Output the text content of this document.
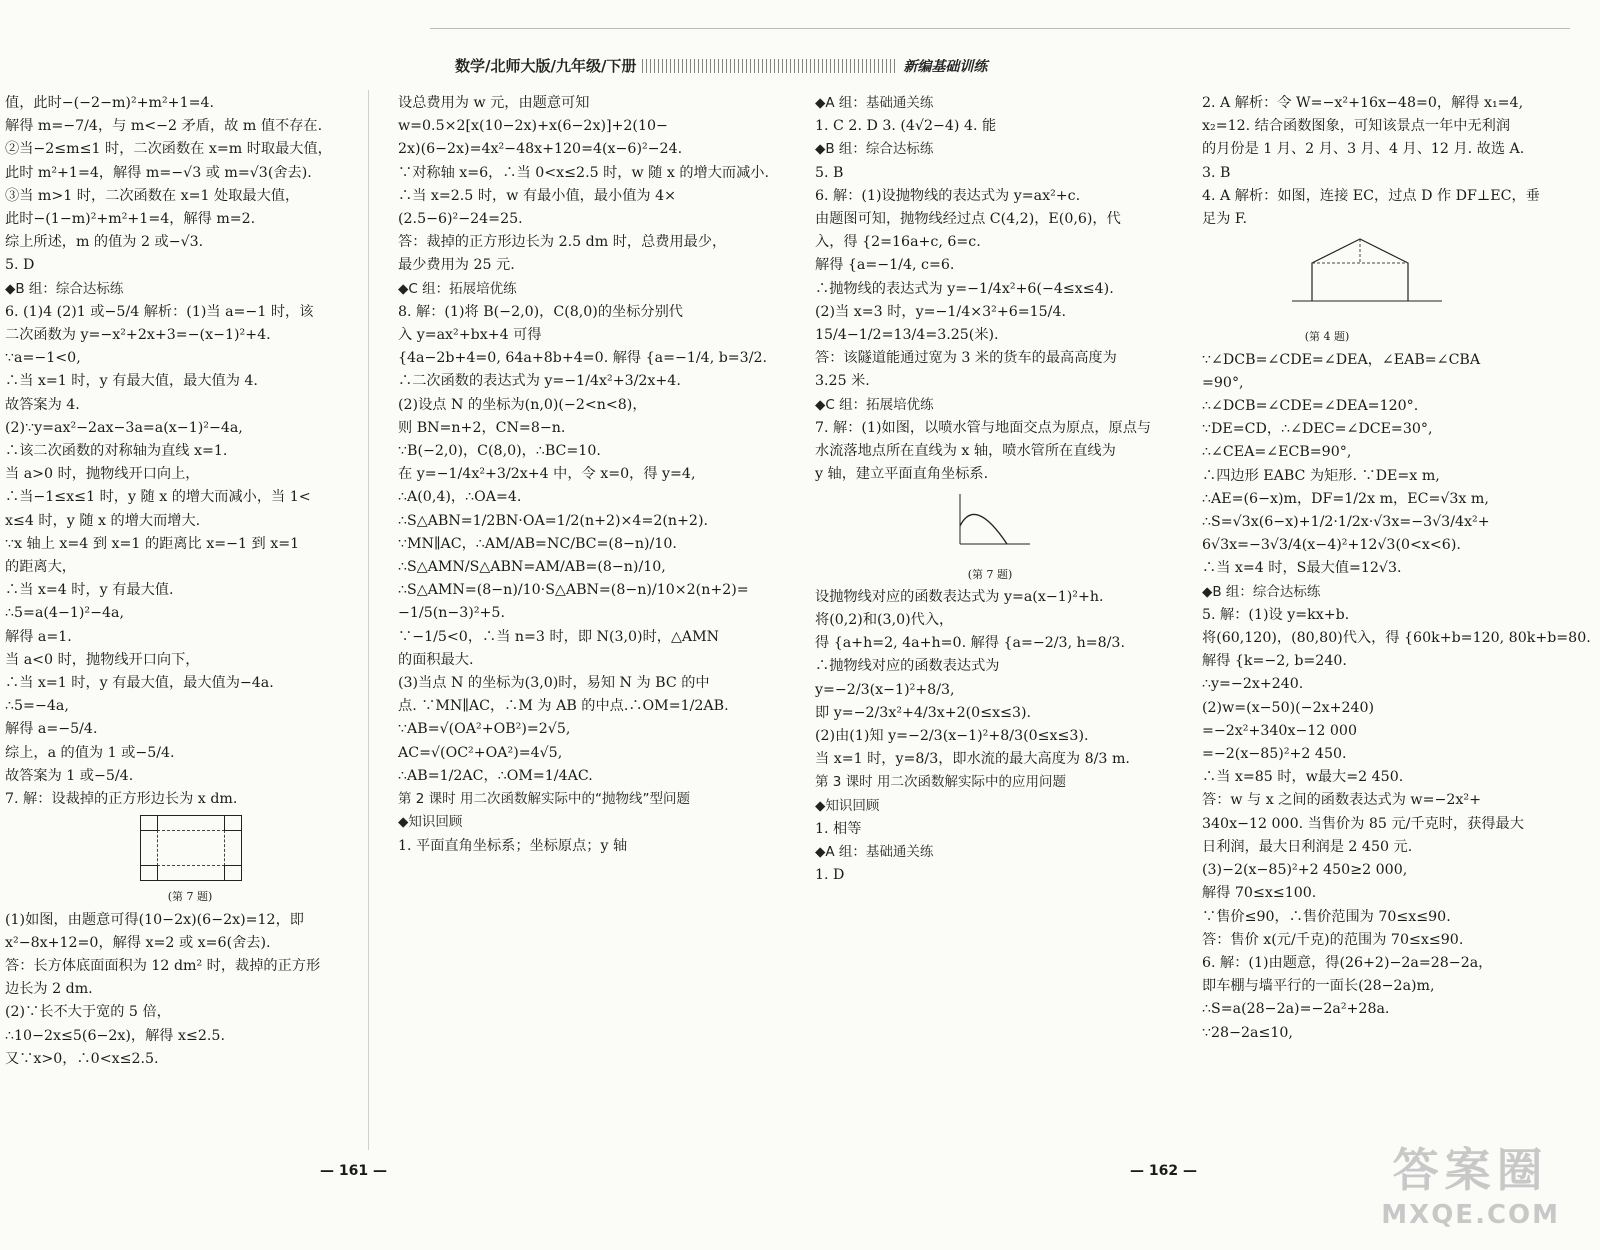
数学/北师大版/九年级/下册	新编基础训练

值，此时−(−2−m)²+m²+1=4.

解得 m=−7/4，与 m<−2 矛盾，故 m 值不存在.

②当−2≤m≤1 时，二次函数在 x=m 时取最大值，

此时 m²+1=4，解得 m=−√3 或 m=√3(舍去).

③当 m>1 时，二次函数在 x=1 处取最大值，

此时−(1−m)²+m²+1=4，解得 m=2.

综上所述，m 的值为 2 或−√3.

5. D

◆B 组：综合达标练

6. (1)4 (2)1 或−5/4 解析：(1)当 a=−1 时，该

二次函数为 y=−x²+2x+3=−(x−1)²+4.

∵a=−1<0,

∴当 x=1 时，y 有最大值，最大值为 4.

故答案为 4.

(2)∵y=ax²−2ax−3a=a(x−1)²−4a,

∴该二次函数的对称轴为直线 x=1.

当 a>0 时，抛物线开口向上，

∴当−1≤x≤1 时，y 随 x 的增大而减小，当 1<

x≤4 时，y 随 x 的增大而增大.

∵x 轴上 x=4 到 x=1 的距离比 x=−1 到 x=1

的距离大，

∴当 x=4 时，y 有最大值.

∴5=a(4−1)²−4a,

解得 a=1.

当 a<0 时，抛物线开口向下，

∴当 x=1 时，y 有最大值，最大值为−4a.

∴5=−4a,

解得 a=−5/4.

综上，a 的值为 1 或−5/4.

故答案为 1 或−5/4.

7. 解：设裁掉的正方形边长为 x dm.

(第 7 题)

(1)如图，由题意可得(10−2x)(6−2x)=12，即

x²−8x+12=0，解得 x=2 或 x=6(舍去).

答：长方体底面面积为 12 dm² 时，裁掉的正方形

边长为 2 dm.

(2)∵长不大于宽的 5 倍，

∴10−2x≤5(6−2x)，解得 x≤2.5.

又∵x>0，∴0<x≤2.5.

设总费用为 w 元，由题意可知

w=0.5×2[x(10−2x)+x(6−2x)]+2(10−

2x)(6−2x)=4x²−48x+120=4(x−6)²−24.

∵对称轴 x=6，∴当 0<x≤2.5 时，w 随 x 的增大而减小.

∴当 x=2.5 时，w 有最小值，最小值为 4×

(2.5−6)²−24=25.

答：裁掉的正方形边长为 2.5 dm 时，总费用最少，

最少费用为 25 元.

◆C 组：拓展培优练

8. 解：(1)将 B(−2,0)，C(8,0)的坐标分别代

入 y=ax²+bx+4 可得

{4a−2b+4=0, 64a+8b+4=0. 解得 {a=−1/4, b=3/2.

∴二次函数的表达式为 y=−1/4x²+3/2x+4.

(2)设点 N 的坐标为(n,0)(−2<n<8)，

则 BN=n+2，CN=8−n.

∵B(−2,0)，C(8,0)，∴BC=10.

在 y=−1/4x²+3/2x+4 中，令 x=0，得 y=4,

∴A(0,4)，∴OA=4.

∴S△ABN=1/2BN·OA=1/2(n+2)×4=2(n+2).

∵MN∥AC，∴AM/AB=NC/BC=(8−n)/10.

∴S△AMN/S△ABN=AM/AB=(8−n)/10,

∴S△AMN=(8−n)/10·S△ABN=(8−n)/10×2(n+2)=

−1/5(n−3)²+5.

∵−1/5<0，∴当 n=3 时，即 N(3,0)时，△AMN

的面积最大.

(3)当点 N 的坐标为(3,0)时，易知 N 为 BC 的中

点. ∵MN∥AC，∴M 为 AB 的中点.∴OM=1/2AB.

∵AB=√(OA²+OB²)=2√5,

AC=√(OC²+OA²)=4√5,

∴AB=1/2AC，∴OM=1/4AC.

第 2 课时 用二次函数解实际中的“抛物线”型问题

◆知识回顾

1. 平面直角坐标系；坐标原点；y 轴

◆A 组：基础通关练

1. C 2. D 3. (4√2−4) 4. 能

◆B 组：综合达标练

5. B

6. 解：(1)设抛物线的表达式为 y=ax²+c.

由题图可知，抛物线经过点 C(4,2)，E(0,6)，代

入，得 {2=16a+c, 6=c.

解得 {a=−1/4, c=6.

∴抛物线的表达式为 y=−1/4x²+6(−4≤x≤4).

(2)当 x=3 时，y=−1/4×3²+6=15/4.

15/4−1/2=13/4=3.25(米).

答：该隧道能通过宽为 3 米的货车的最高高度为

3.25 米.

◆C 组：拓展培优练

7. 解：(1)如图，以喷水管与地面交点为原点，原点与

水流落地点所在直线为 x 轴，喷水管所在直线为

y 轴，建立平面直角坐标系.

(第 7 题)

设抛物线对应的函数表达式为 y=a(x−1)²+h.

将(0,2)和(3,0)代入，

得 {a+h=2, 4a+h=0. 解得 {a=−2/3, h=8/3.

∴抛物线对应的函数表达式为

y=−2/3(x−1)²+8/3,

即 y=−2/3x²+4/3x+2(0≤x≤3).

(2)由(1)知 y=−2/3(x−1)²+8/3(0≤x≤3).

当 x=1 时，y=8/3，即水流的最大高度为 8/3 m.

第 3 课时 用二次函数解实际中的应用问题

◆知识回顾

1. 相等

◆A 组：基础通关练

1. D

2. A 解析：令 W=−x²+16x−48=0，解得 x₁=4,

x₂=12. 结合函数图象，可知该景点一年中无利润

的月份是 1 月、2 月、3 月、4 月、12 月. 故选 A.

3. B

4. A 解析：如图，连接 EC，过点 D 作 DF⊥EC，垂

足为 F.

(第 4 题)

∵∠DCB=∠CDE=∠DEA，∠EAB=∠CBA

=90°,

∴∠DCB=∠CDE=∠DEA=120°.

∵DE=CD，∴∠DEC=∠DCE=30°,

∴∠CEA=∠ECB=90°,

∴四边形 EABC 为矩形. ∵DE=x m,

∴AE=(6−x)m，DF=1/2x m，EC=√3x m,

∴S=√3x(6−x)+1/2·1/2x·√3x=−3√3/4x²+

6√3x=−3√3/4(x−4)²+12√3(0<x<6).

∴当 x=4 时，S最大值=12√3.

◆B 组：综合达标练

5. 解：(1)设 y=kx+b.

将(60,120)，(80,80)代入，得 {60k+b=120, 80k+b=80.

解得 {k=−2, b=240.

∴y=−2x+240.

(2)w=(x−50)(−2x+240)

=−2x²+340x−12 000

=−2(x−85)²+2 450.

∴当 x=85 时，w最大=2 450.

答：w 与 x 之间的函数表达式为 w=−2x²+

340x−12 000. 当售价为 85 元/千克时，获得最大

日利润，最大日利润是 2 450 元.

(3)−2(x−85)²+2 450≥2 000,

解得 70≤x≤100.

∵售价≤90，∴售价范围为 70≤x≤90.

答：售价 x(元/千克)的范围为 70≤x≤90.

6. 解：(1)由题意，得(26+2)−2a=28−2a，

即车棚与墙平行的一面长(28−2a)m,

∴S=a(28−2a)=−2a²+28a.

∵28−2a≤10,

— 161 —	— 162 —	答案圈
MXQE.COM
